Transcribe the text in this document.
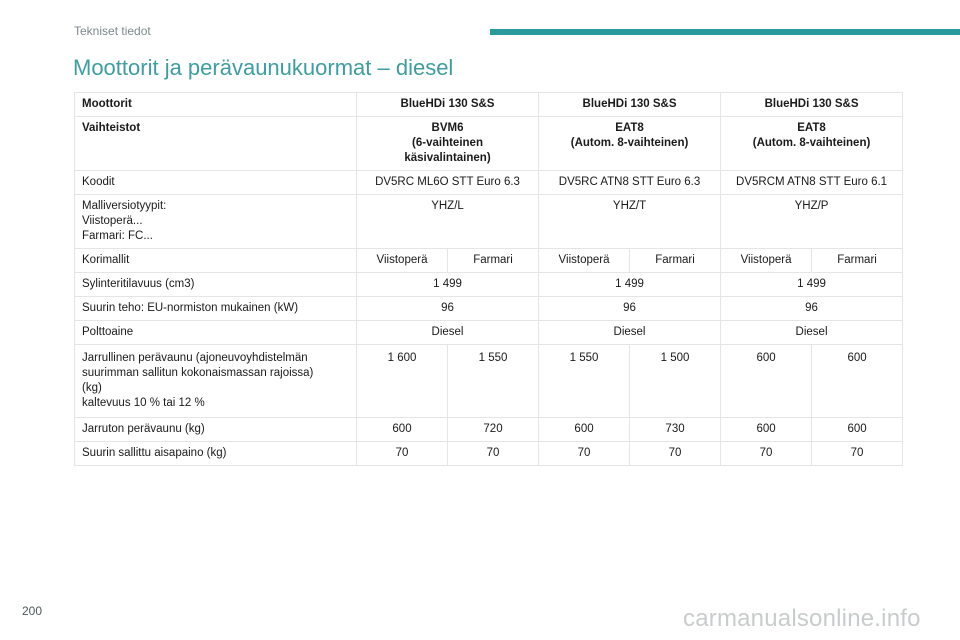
Tekniset tiedot
Moottorit ja perävaunukuormat – diesel
Moottorit	BlueHDi 130 S&S		BlueHDi 130 S&S		BlueHDi 130 S&S	
Vaihteistot	BVM6
(6-vaihteinen
käsivalintainen)		EAT8
(Autom. 8-vaihteinen)		EAT8
(Autom. 8-vaihteinen)	

Koodit	DV5RC ML6O STT Euro 6.3		DV5RC ATN8 STT Euro 6.3		DV5RCM ATN8 STT Euro 6.1	

Malliversiotyypit:
Viistoperä...
Farmari: FC...	YHZ/L		YHZ/T		YHZ/P	
Korimallit	Viistoperä	Farmari	Viistoperä	Farmari	Viistoperä	Farmari
Sylinteritilavuus (cm3)	1 499		1 499		1 499	
Suurin teho: EU-normiston mukainen (kW)	96		96		96	
Polttoaine	Diesel		Diesel		Diesel	

Jarrullinen perävaunu (ajoneuvoyhdistelmän
suurimman sallitun kokonaismassan rajoissa)
(kg)
kaltevuus 10 % tai 12 %	1 600	1 550	1 550	1 500	600	600
Jarruton perävaunu (kg)	600	720	600	730	600	600
Suurin sallittu aisapaino (kg)	70	70	70	70	70	70
200	carmanualsonline.info
